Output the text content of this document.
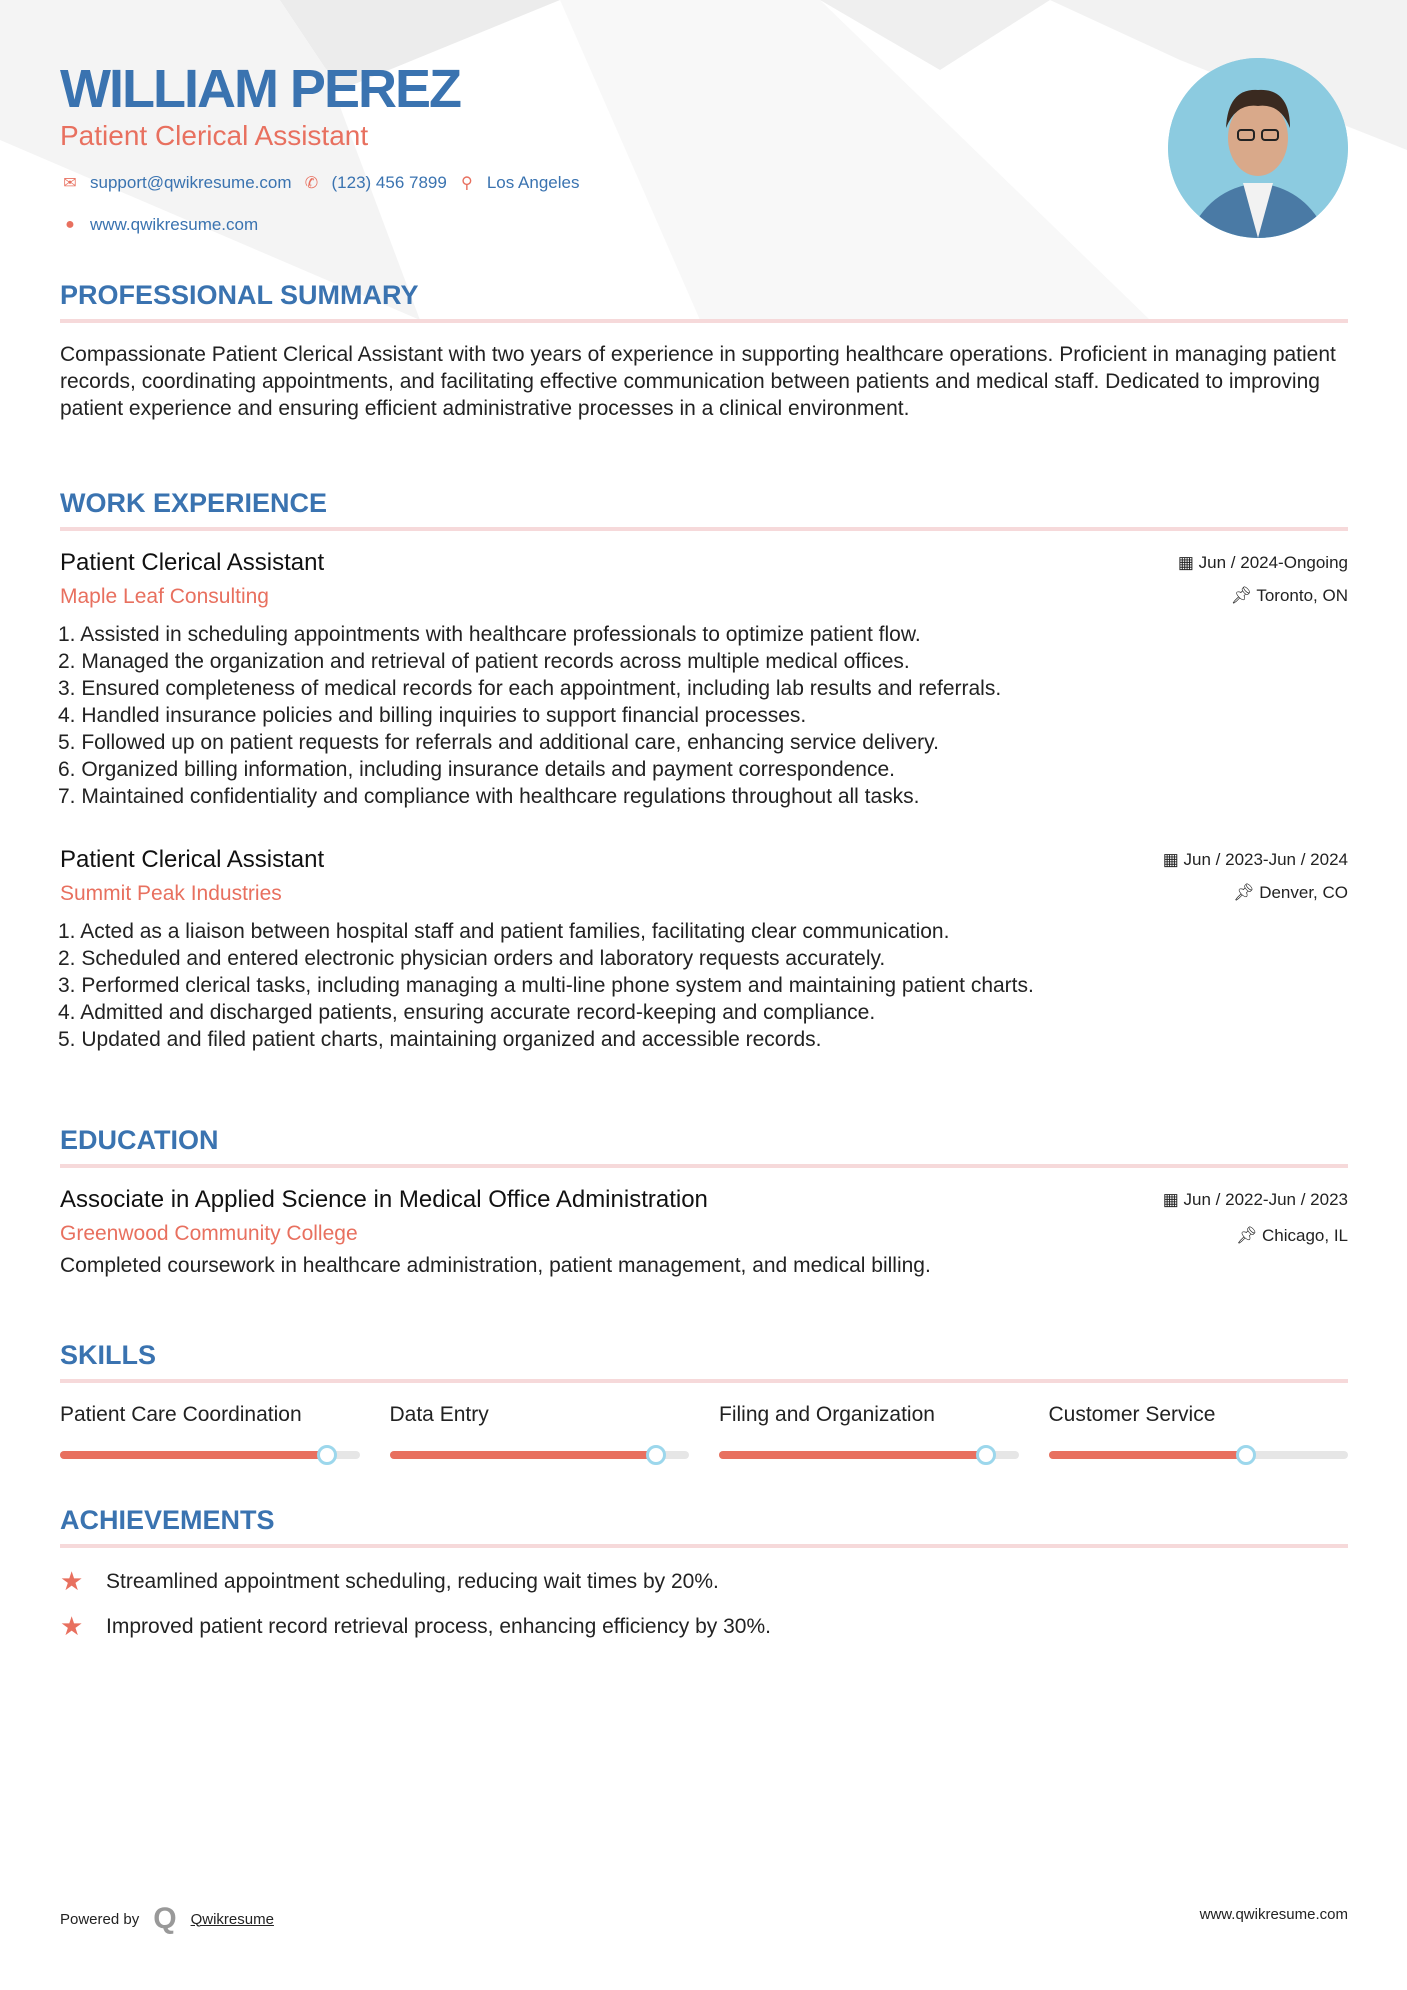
WILLIAM PEREZ
Patient Clerical Assistant
✉ support@qwikresume.com ✆ (123) 456 7899 ⚲ Los Angeles
● www.qwikresume.com
PROFESSIONAL SUMMARY

Compassionate Patient Clerical Assistant with two years of experience in supporting healthcare operations. Proficient in managing patient records, coordinating appointments, and facilitating effective communication between patients and medical staff. Dedicated to improving patient experience and ensuring efficient administrative processes in a clinical environment.

WORK EXPERIENCE
Patient Clerical Assistant	▦ Jun / 2024-Ongoing
📌︎ Toronto, ON
Maple Leaf Consulting
1. Assisted in scheduling appointments with healthcare professionals to optimize patient flow.
2. Managed the organization and retrieval of patient records across multiple medical offices.
3. Ensured completeness of medical records for each appointment, including lab results and referrals.
4. Handled insurance policies and billing inquiries to support financial processes.
5. Followed up on patient requests for referrals and additional care, enhancing service delivery.
6. Organized billing information, including insurance details and payment correspondence.
7. Maintained confidentiality and compliance with healthcare regulations throughout all tasks.
Patient Clerical Assistant	▦ Jun / 2023-Jun / 2024
📌︎ Denver, CO
Summit Peak Industries
1. Acted as a liaison between hospital staff and patient families, facilitating clear communication.
2. Scheduled and entered electronic physician orders and laboratory requests accurately.
3. Performed clerical tasks, including managing a multi-line phone system and maintaining patient charts.
4. Admitted and discharged patients, ensuring accurate record-keeping and compliance.
5. Updated and filed patient charts, maintaining organized and accessible records.
EDUCATION
Associate in Applied Science in Medical Office Administration	▦ Jun / 2022-Jun / 2023
📌︎ Chicago, IL
Greenwood Community College

Completed coursework in healthcare administration, patient management, and medical billing.

SKILLS
Patient Care Coordination	Data Entry	Filing and Organization	Customer Service
ACHIEVEMENTS
★	Streamlined appointment scheduling, reducing wait times by 20%.
★	Improved patient record retrieval process, enhancing efficiency by 30%.
Powered by Q Qwikresume	www.qwikresume.com
